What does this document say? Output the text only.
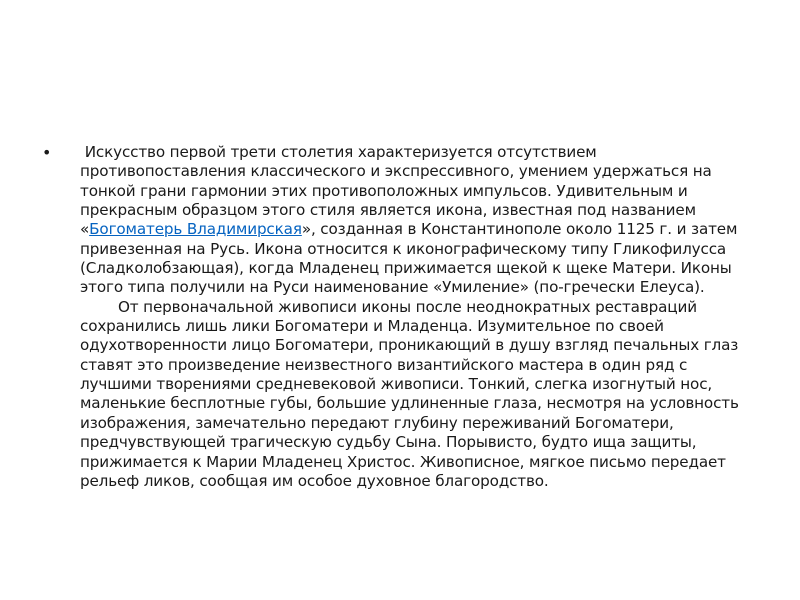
•	Искусство первой трети столетия характеризуется отсутствием противопоставления классического и экспрессивного, умением удержаться на тонкой грани гармонии этих противоположных импульсов. Удивительным и прекрасным образцом этого стиля является икона, известная под названием «Богоматерь Владимирская», созданная в Константинополе около 1125 г. и затем привезенная на Русь. Икона относится к иконографическому типу Гликофилусса (Сладколобзающая), когда Младенец прижимается щекой к щеке Матери. Иконы этого типа получили на Руси наименование «Умиление» (по-гречески Елеуса).

От первоначальной живописи иконы после неоднократных реставраций сохранились лишь лики Богоматери и Младенца. Изумительное по своей одухотворенности лицо Богоматери, проникающий в душу взгляд печальных глаз ставят это произведение неизвестного византийского мастера в один ряд с лучшими творениями средневековой живописи. Тонкий, слегка изогнутый нос, маленькие бесплотные губы, большие удлиненные глаза, несмотря на условность изображения, замечательно передают глубину переживаний Богоматери, предчувствующей трагическую судьбу Сына. Порывисто, будто ища защиты, прижимается к Марии Младенец Христос. Живописное, мягкое письмо передает рельеф ликов, сообщая им особое духовное благородство.
